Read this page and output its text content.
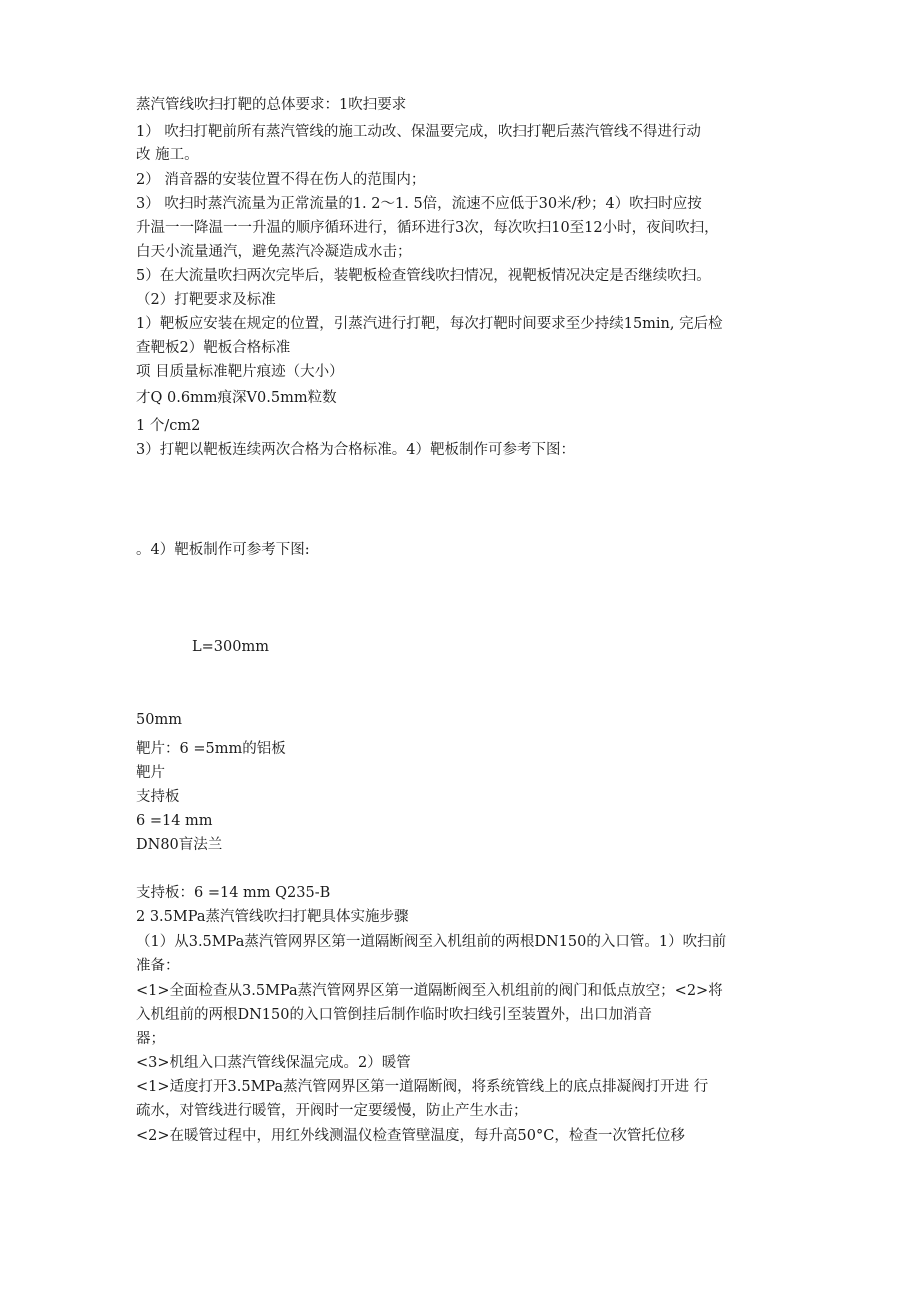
蒸汽管线吹扫打靶的总体要求：1吹扫要求
1） 吹扫打靶前所有蒸汽管线的施工动改、保温要完成，吹扫打靶后蒸汽管线不得进行动
改 施工。
2） 消音器的安装位置不得在伤人的范围内；
3） 吹扫时蒸汽流量为正常流量的1. 2〜1. 5倍，流速不应低于30米/秒；4）吹扫时应按
升温一一降温一一升温的顺序循环进行，循环进行3次，每次吹扫10至12小时，夜间吹扫，
白天小流量通汽，避免蒸汽冷凝造成水击；
5）在大流量吹扫两次完毕后，装靶板检查管线吹扫情况，视靶板情况决定是否继续吹扫。
（2）打靶要求及标准
1）靶板应安装在规定的位置，引蒸汽进行打靶，每次打靶时间要求至少持续15min, 完后检
查靶板2）靶板合格标准
项 目质量标准靶片痕迹（大小）
才Q 0.6mm痕深V0.5mm粒数
1 个/cm2
3）打靶以靶板连续两次合格为合格标准。4）靶板制作可参考下图：
。4）靶板制作可参考下图:
L=300mm
50mm
靶片：6 =5mm的铝板
靶片
支持板
6 =14 mm
DN80盲法兰
支持板：6 =14 mm Q235-B
2 3.5MPa蒸汽管线吹扫打靶具体实施步骤
（1）从3.5MPa蒸汽管网界区第一道隔断阀至入机组前的两根DN150的入口管。1）吹扫前
准备：
<1>全面检查从3.5MPa蒸汽管网界区第一道隔断阀至入机组前的阀门和低点放空；<2>将
入机组前的两根DN150的入口管倒挂后制作临时吹扫线引至装置外，出口加消音
器；
<3>机组入口蒸汽管线保温完成。2）暖管
<1>适度打开3.5MPa蒸汽管网界区第一道隔断阀，将系统管线上的底点排凝阀打开进 行
疏水，对管线进行暖管，开阀时一定要缓慢，防止产生水击；
<2>在暖管过程中，用红外线测温仪检查管壁温度，每升高50°C，检查一次管托位移
